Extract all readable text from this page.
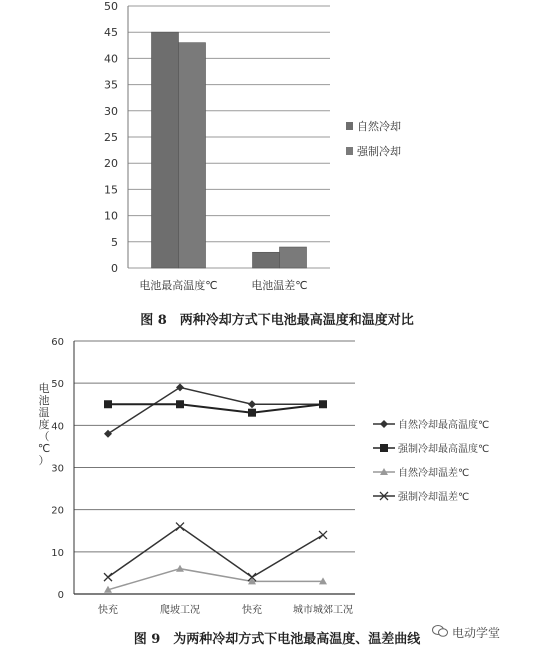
0
5
10
15
20
25
30
35
40
45
50
电池最高温度℃	电池温差℃
自然冷却
强制冷却
图 8　两种冷却方式下电池最高温度和温度对比
0
10
20
30
40
50
60
电池温度（℃）
快充	爬坡工况	快充	城市城郊工况
自然冷却最高温度℃
强制冷却最高温度℃
自然冷却温差℃
强制冷却温差℃
图 9　为两种冷却方式下电池最高温度、温差曲线	电动学堂
